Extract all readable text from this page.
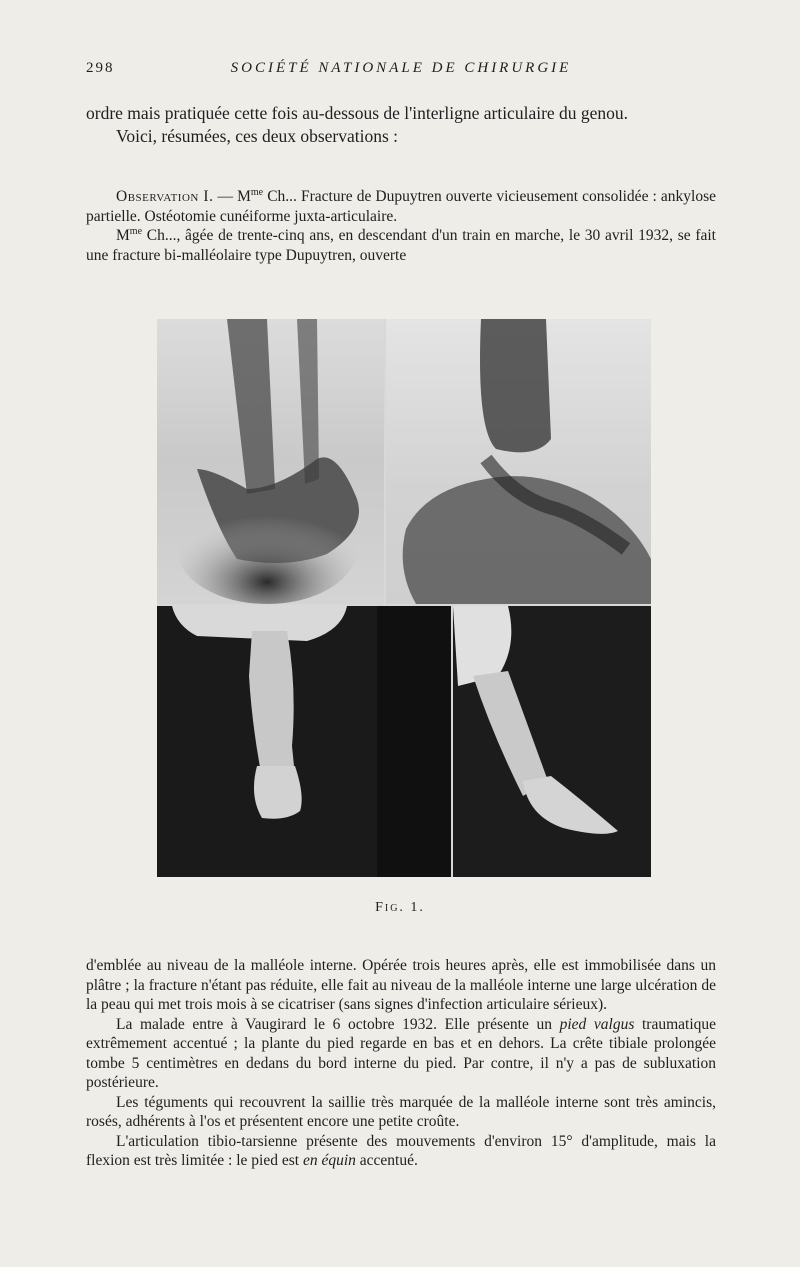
298	SOCIÉTÉ NATIONALE DE CHIRURGIE

ordre mais pratiquée cette fois au-dessous de l'interligne articulaire du genou.

Voici, résumées, ces deux observations :

Observation I. — $M^{me}$ Ch... Fracture de Dupuytren ouverte vicieusement consolidée : ankylose partielle. Ostéotomie cunéiforme juxta-articulaire.

$M^{me}$ Ch..., âgée de trente-cinq ans, en descendant d'un train en marche, le 30 avril 1932, se fait une fracture bi-malléolaire type Dupuytren, ouverte

Fig. 1.

d'emblée au niveau de la malléole interne. Opérée trois heures après, elle est immobilisée dans un plâtre ; la fracture n'étant pas réduite, elle fait au niveau de la malléole interne une large ulcération de la peau qui met trois mois à se cicatriser (sans signes d'infection articulaire sérieux).

La malade entre à Vaugirard le 6 octobre 1932. Elle présente un pied valgus traumatique extrêmement accentué ; la plante du pied regarde en bas et en dehors. La crête tibiale prolongée tombe 5 centimètres en dedans du bord interne du pied. Par contre, il n'y a pas de subluxation postérieure.

Les téguments qui recouvrent la saillie très marquée de la malléole interne sont très amincis, rosés, adhérents à l'os et présentent encore une petite croûte.

L'articulation tibio-tarsienne présente des mouvements d'environ 15° d'amplitude, mais la flexion est très limitée : le pied est en équin accentué.
